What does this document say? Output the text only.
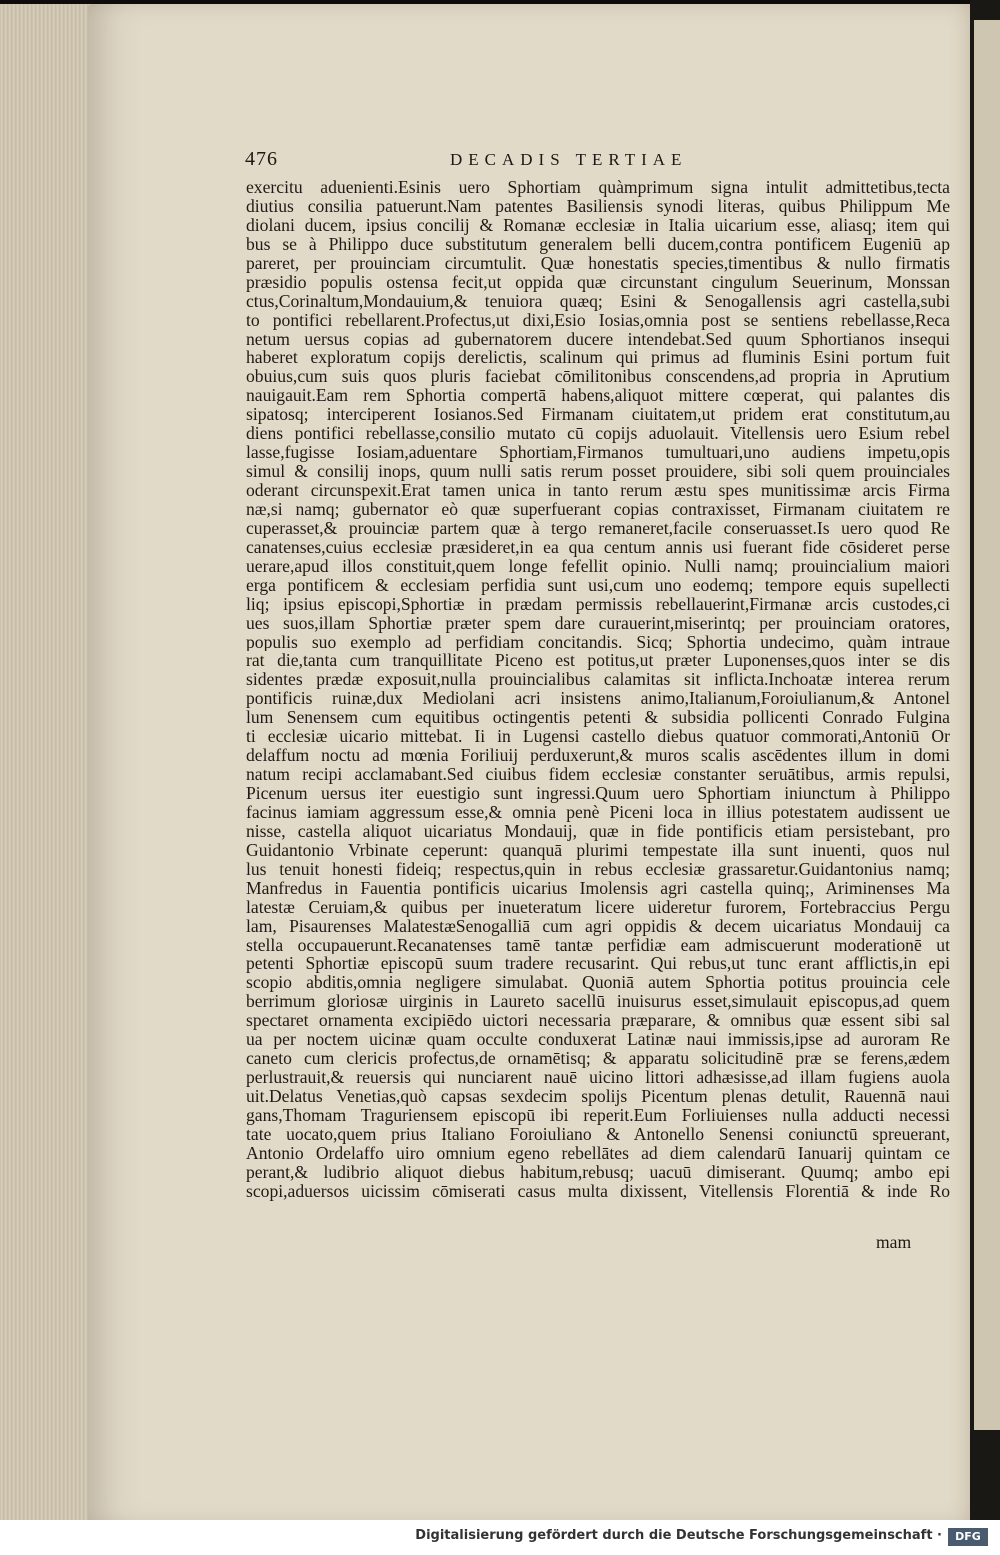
476	DECADIS TERTIAE
exercitu aduenienti.Esinis uero Sphortiam quàmprimum signa intulit admittetibus,tecta
diutius consilia patuerunt.Nam patentes Basiliensis synodi literas, quibus Philippum Me
diolani ducem, ipsius concilij & Romanæ ecclesiæ in Italia uicarium esse, aliasq; item qui
bus se à Philippo duce substitutum generalem belli ducem,contra pontificem Eugeniū ap
pareret, per prouinciam circumtulit. Quæ honestatis species,timentibus & nullo firmatis
præsidio populis ostensa fecit,ut oppida quæ circunstant cingulum Seuerinum, Monssan
ctus,Corinaltum,Mondauium,& tenuiora quæq; Esini & Senogallensis agri castella,subi
to pontifici rebellarent.Profectus,ut dixi,Esio Iosias,omnia post se sentiens rebellasse,Reca
netum uersus copias ad gubernatorem ducere intendebat.Sed quum Sphortianos insequi
haberet exploratum copijs derelictis, scalinum qui primus ad fluminis Esini portum fuit
obuius,cum suis quos pluris faciebat cōmilitonibus conscendens,ad propria in Aprutium
nauigauit.Eam rem Sphortia compertā habens,aliquot mittere cœperat, qui palantes dis
sipatosq; interciperent Iosianos.Sed Firmanam ciuitatem,ut pridem erat constitutum,au
diens pontifici rebellasse,consilio mutato cū copijs aduolauit. Vitellensis uero Esium rebel
lasse,fugisse Iosiam,aduentare Sphortiam,Firmanos tumultuari,uno audiens impetu,opis
simul & consilij inops, quum nulli satis rerum posset prouidere, sibi soli quem prouinciales
oderant circunspexit.Erat tamen unica in tanto rerum æstu spes munitissimæ arcis Firma
næ,si namq; gubernator eò quæ superfuerant copias contraxisset, Firmanam ciuitatem re
cuperasset,& prouinciæ partem quæ à tergo remaneret,facile conseruasset.Is uero quod Re
canatenses,cuius ecclesiæ præsideret,in ea qua centum annis usi fuerant fide cōsideret perse
uerare,apud illos constituit,quem longe fefellit opinio. Nulli namq; prouincialium maiori
erga pontificem & ecclesiam perfidia sunt usi,cum uno eodemq; tempore equis supellecti
liq; ipsius episcopi,Sphortiæ in prædam permissis rebellauerint,Firmanæ arcis custodes,ci
ues suos,illam Sphortiæ præter spem dare curauerint,miserintq; per prouinciam oratores,
populis suo exemplo ad perfidiam concitandis. Sicq; Sphortia undecimo, quàm intraue
rat die,tanta cum tranquillitate Piceno est potitus,ut præter Luponenses,quos inter se dis
sidentes prædæ exposuit,nulla prouincialibus calamitas sit inflicta.Inchoatæ interea rerum
pontificis ruinæ,dux Mediolani acri insistens animo,Italianum,Foroiulianum,& Antonel
lum Senensem cum equitibus octingentis petenti & subsidia pollicenti Conrado Fulgina
ti ecclesiæ uicario mittebat. Ii in Lugensi castello diebus quatuor commorati,Antoniū Or
delaffum noctu ad mœnia Foriliuij perduxerunt,& muros scalis ascēdentes illum in domi
natum recipi acclamabant.Sed ciuibus fidem ecclesiæ constanter seruātibus, armis repulsi,
Picenum uersus iter euestigio sunt ingressi.Quum uero Sphortiam iniunctum à Philippo
facinus iamiam aggressum esse,& omnia penè Piceni loca in illius potestatem audissent ue
nisse, castella aliquot uicariatus Mondauij, quæ in fide pontificis etiam persistebant, pro
Guidantonio Vrbinate ceperunt: quanquā plurimi tempestate illa sunt inuenti, quos nul
lus tenuit honesti fideiq; respectus,quin in rebus ecclesiæ grassaretur.Guidantonius namq;
Manfredus in Fauentia pontificis uicarius Imolensis agri castella quinq;, Ariminenses Ma
latestæ Ceruiam,& quibus per inueteratum licere uideretur furorem, Fortebraccius Pergu
lam, Pisaurenses MalatestæSenogalliā cum agri oppidis & decem uicariatus Mondauij ca
stella occupauerunt.Recanatenses tamē tantæ perfidiæ eam admiscuerunt moderationē ut
petenti Sphortiæ episcopū suum tradere recusarint. Qui rebus,ut tunc erant afflictis,in epi
scopio abditis,omnia negligere simulabat. Quoniā autem Sphortia potitus prouincia cele
berrimum gloriosæ uirginis in Laureto sacellū inuisurus esset,simulauit episcopus,ad quem
spectaret ornamenta excipiēdo uictori necessaria præparare, & omnibus quæ essent sibi sal
ua per noctem uicinæ quam occulte conduxerat Latinæ naui immissis,ipse ad auroram Re
caneto cum clericis profectus,de ornamētisq; & apparatu solicitudinē præ se ferens,ædem
perlustrauit,& reuersis qui nunciarent nauē uicino littori adhæsisse,ad illam fugiens auola
uit.Delatus Venetias,quò capsas sexdecim spolijs Picentum plenas detulit, Rauennā naui
gans,Thomam Traguriensem episcopū ibi reperit.Eum Forliuienses nulla adducti necessi
tate uocato,quem prius Italiano Foroiuliano & Antonello Senensi coniunctū spreuerant,
Antonio Ordelaffo uiro omnium egeno rebellātes ad diem calendarū Ianuarij quintam ce
perant,& ludibrio aliquot diebus habitum,rebusq; uacuū dimiserant. Quumq; ambo epi
scopi,aduersos uicissim cōmiserati casus multa dixissent, Vitellensis Florentiā & inde Ro
mam
Digitalisierung gefördert durch die Deutsche Forschungsgemeinschaft ·	DFG
